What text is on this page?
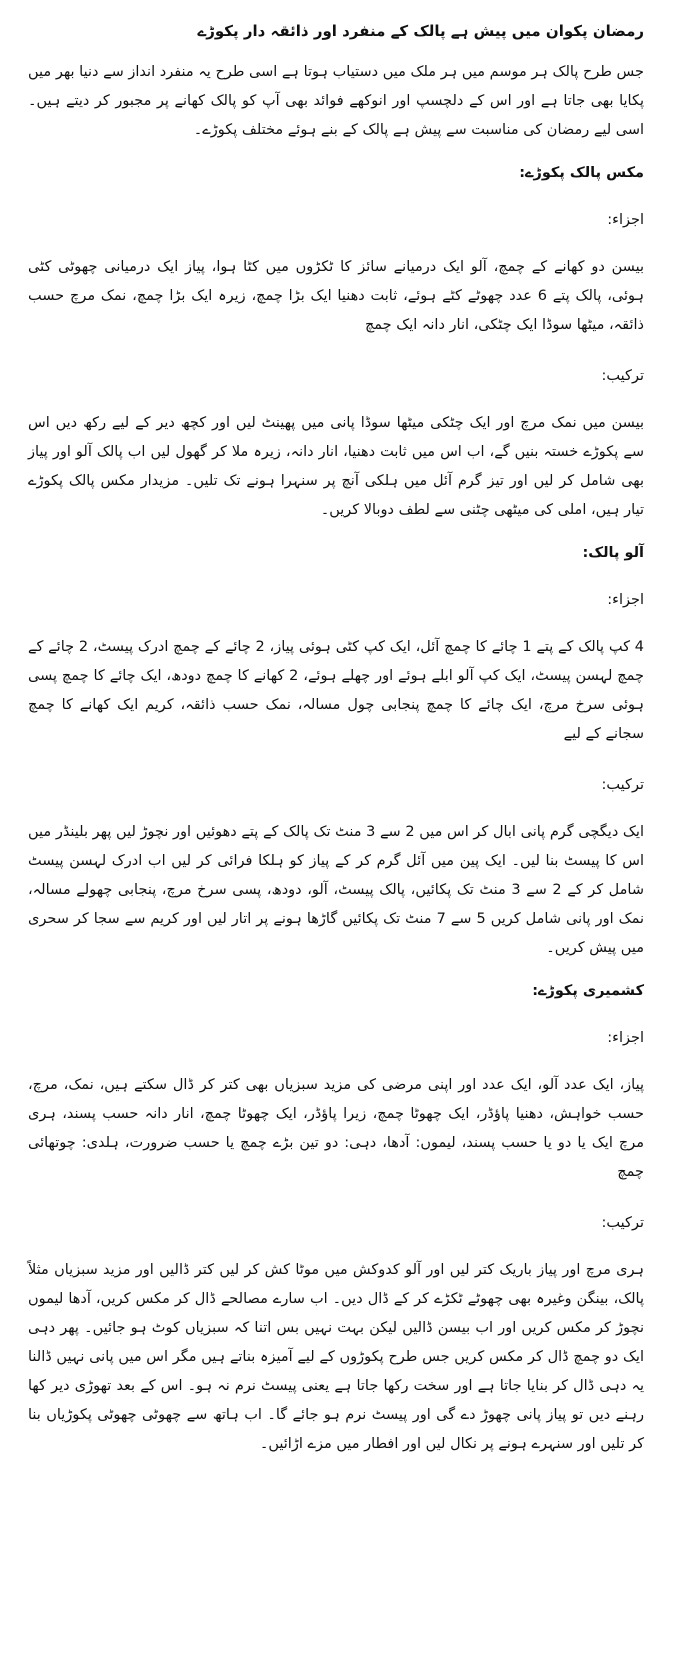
رمضان پکوان میں پیش ہے پالک کے منفرد اور ذائقہ دار پکوڑے
جس طرح پالک ہر موسم میں ہر ملک میں دستیاب ہوتا ہے اسی طرح یہ منفرد انداز سے دنیا بھر میں پکایا بھی جاتا ہے اور اس کے دلچسپ اور انوکھے فوائد بھی آپ کو پالک کھانے پر مجبور کر دیتے ہیں۔ اسی لیے رمضان کی مناسبت سے پیش ہے پالک کے بنے ہوئے مختلف پکوڑے۔
مکس پالک پکوڑے:
اجزاء:
بیسن دو کھانے کے چمچ، آلو ایک درمیانے سائز کا ٹکڑوں میں کٹا ہوا، پیاز ایک درمیانی چھوٹی کٹی ہوئی، پالک پتے 6 عدد چھوٹے کٹے ہوئے، ثابت دھنیا ایک بڑا چمچ، زیرہ ایک بڑا چمچ، نمک مرچ حسب ذائقہ، میٹھا سوڈا ایک چٹکی، انار دانہ ایک چمچ
ترکیب:
بیسن میں نمک مرچ اور ایک چٹکی میٹھا سوڈا پانی میں پھینٹ لیں اور کچھ دیر کے لیے رکھ دیں اس سے پکوڑے خستہ بنیں گے، اب اس میں ثابت دھنیا، انار دانہ، زیرہ ملا کر گھول لیں اب پالک آلو اور پیاز بھی شامل کر لیں اور تیز گرم آئل میں ہلکی آنچ پر سنہرا ہونے تک تلیں۔ مزیدار مکس پالک پکوڑے تیار ہیں، املی کی میٹھی چٹنی سے لطف دوبالا کریں۔
آلو پالک:
اجزاء:
4 کپ پالک کے پتے 1 چائے کا چمچ آئل، ایک کپ کٹی ہوئی پیاز، 2 چائے کے چمچ ادرک پیسٹ، 2 چائے کے چمچ لہسن پیسٹ، ایک کپ آلو ابلے ہوئے اور چھلے ہوئے، 2 کھانے کا چمچ دودھ، ایک چائے کا چمچ پسی ہوئی سرخ مرچ، ایک چائے کا چمچ پنجابی چول مسالہ، نمک حسب ذائقہ، کریم ایک کھانے کا چمچ سجانے کے لیے
ترکیب:
ایک دیگچی گرم پانی ابال کر اس میں 2 سے 3 منٹ تک پالک کے پتے دھوئیں اور نچوڑ لیں پھر بلینڈر میں اس کا پیسٹ بنا لیں۔ ایک پین میں آئل گرم کر کے پیاز کو ہلکا فرائی کر لیں اب ادرک لہسن پیسٹ شامل کر کے 2 سے 3 منٹ تک پکائیں، پالک پیسٹ، آلو، دودھ، پسی سرخ مرچ، پنجابی چھولے مسالہ، نمک اور پانی شامل کریں 5 سے 7 منٹ تک پکائیں گاڑھا ہونے پر اتار لیں اور کریم سے سجا کر سحری میں پیش کریں۔
کشمیری پکوڑے:
اجزاء:
پیاز، ایک عدد آلو، ایک عدد اور اپنی مرضی کی مزید سبزیاں بھی کتر کر ڈال سکتے ہیں، نمک، مرچ، حسب خواہش، دھنیا پاؤڈر، ایک چھوٹا چمچ، زیرا پاؤڈر، ایک چھوٹا چمچ، انار دانہ حسب پسند، ہری مرچ ایک یا دو یا حسب پسند، لیموں: آدھا، دہی: دو تین بڑے چمچ یا حسب ضرورت، ہلدی: چوتھائی چمچ
ترکیب:
ہری مرچ اور پیاز باریک کتر لیں اور آلو کدوکش میں موٹا کش کر لیں کتر ڈالیں اور مزید سبزیاں مثلاً پالک، بینگن وغیرہ بھی چھوٹے ٹکڑے کر کے ڈال دیں۔ اب سارے مصالحے ڈال کر مکس کریں، آدھا لیموں نچوڑ کر مکس کریں اور اب بیسن ڈالیں لیکن بہت نہیں بس اتنا کہ سبزیاں کوٹ ہو جائیں۔ پھر دہی ایک دو چمچ ڈال کر مکس کریں جس طرح پکوڑوں کے لیے آمیزہ بناتے ہیں مگر اس میں پانی نہیں ڈالنا یہ دہی ڈال کر بنایا جاتا ہے اور سخت رکھا جاتا ہے یعنی پیسٹ نرم نہ ہو۔ اس کے بعد تھوڑی دیر کھا رہنے دیں تو پیاز پانی چھوڑ دے گی اور پیسٹ نرم ہو جائے گا۔ اب ہاتھ سے چھوٹی چھوٹی پکوڑیاں بنا کر تلیں اور سنہرے ہونے پر نکال لیں اور افطار میں مزے اڑائیں۔
